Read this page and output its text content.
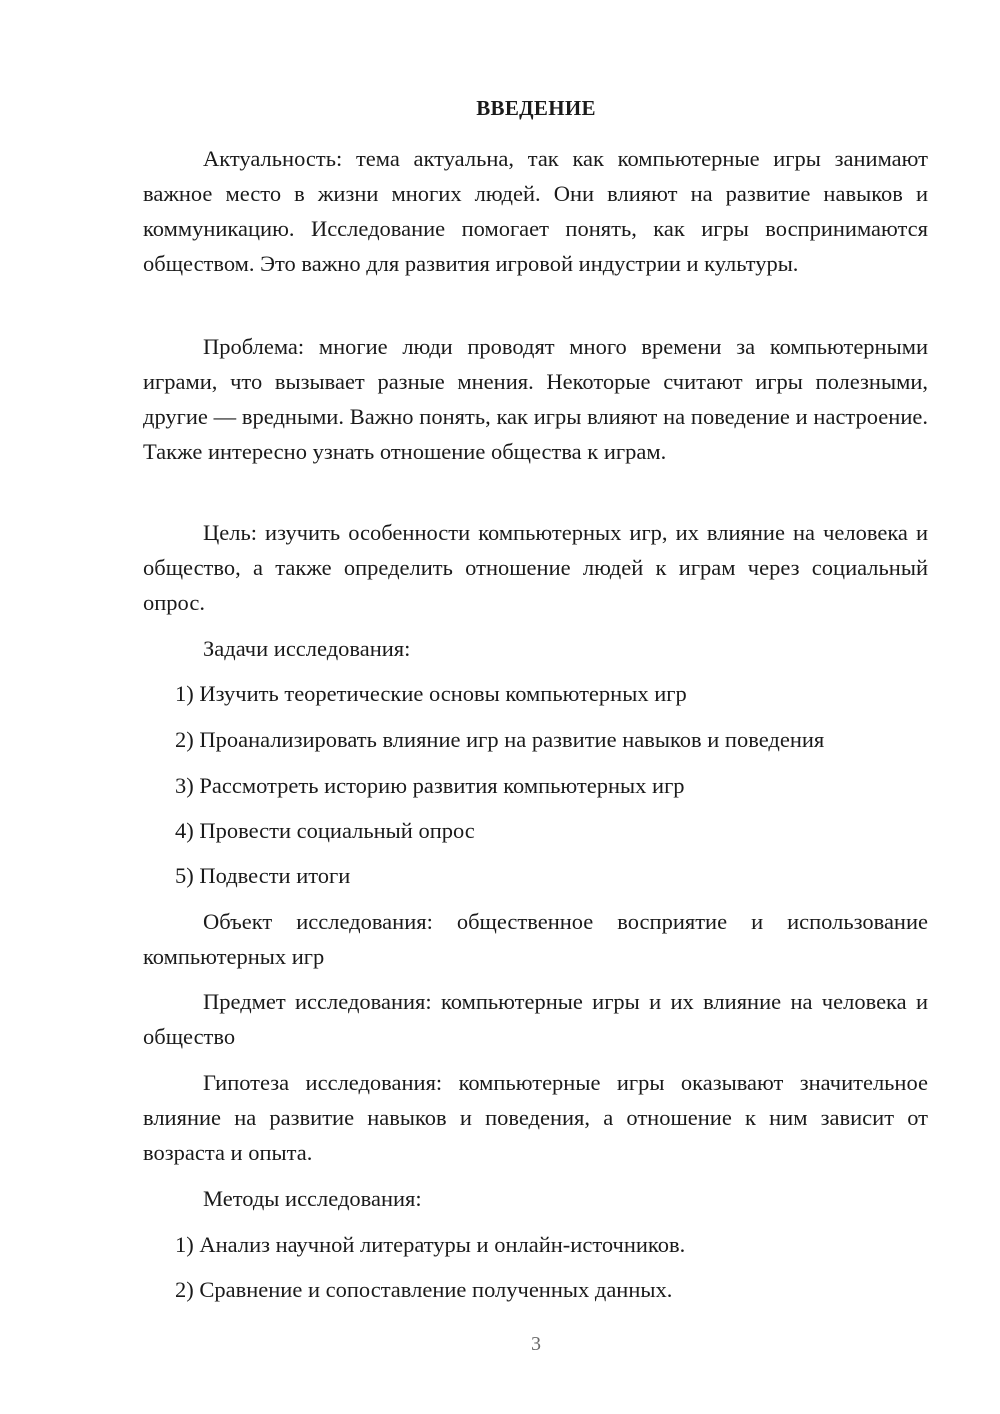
ВВЕДЕНИЕ

Актуальность: тема актуальна, так как компьютерные игры занимают важное место в жизни многих людей. Они влияют на развитие навыков и коммуникацию. Исследование помогает понять, как игры воспринимаются обществом. Это важно для развития игровой индустрии и культуры.

Проблема: многие люди проводят много времени за компьютерными играми, что вызывает разные мнения. Некоторые считают игры полезными, другие — вредными. Важно понять, как игры влияют на поведение и настроение. Также интересно узнать отношение общества к играм.

Цель: изучить особенности компьютерных игр, их влияние на человека и общество, а также определить отношение людей к играм через социальный опрос.

Задачи исследования:
1) Изучить теоретические основы компьютерных игр
2) Проанализировать влияние игр на развитие навыков и поведения
3) Рассмотреть историю развития компьютерных игр
4) Провести социальный опрос
5) Подвести итоги

Объект исследования: общественное восприятие и использование компьютерных игр

Предмет исследования: компьютерные игры и их влияние на человека и общество

Гипотеза исследования: компьютерные игры оказывают значительное влияние на развитие навыков и поведения, а отношение к ним зависит от возраста и опыта.

Методы исследования:
1) Анализ научной литературы и онлайн-источников.
2) Сравнение и сопоставление полученных данных.
3
